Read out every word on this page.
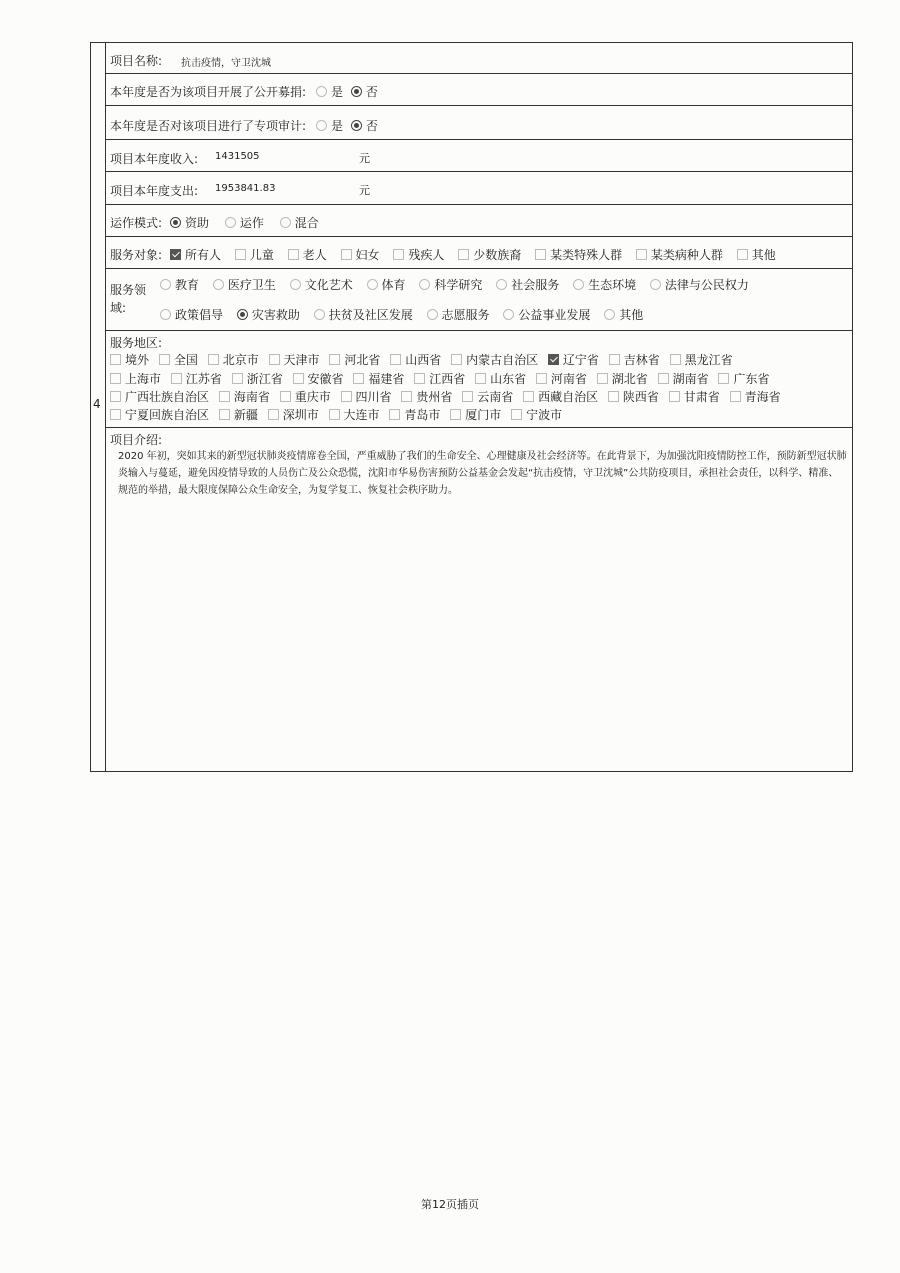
4
项目名称: 抗击疫情，守卫沈城
本年度是否为该项目开展了公开募捐: 是
否
本年度是否对该项目进行了专项审计: 是
否
项目本年度收入: 1431505	元
项目本年度支出: 1953841.83	元
运作模式: 资助
	运作
	混合
服务对象: 所有人
儿童
老人
妇女
残疾人
少数族裔
某类特殊人群
某类病种人群
其他
服务领
域:
教育
医疗卫生
文化艺术
体育
科学研究
社会服务
生态环境
法律与公民权力
政策倡导
灾害救助
扶贫及社区发展
志愿服务
公益事业发展
其他
服务地区:
境外
全国
北京市
天津市
河北省
山西省
内蒙古自治区
辽宁省
吉林省
黑龙江省
上海市
江苏省
浙江省
安徽省
福建省
江西省
山东省
河南省
湖北省
湖南省
广东省
广西壮族自治区
海南省
重庆市
四川省
贵州省
云南省
西藏自治区
陕西省
甘肃省
青海省
宁夏回族自治区
新疆
深圳市
大连市
青岛市
厦门市
宁波市
项目介绍:
2020 年初，突如其来的新型冠状肺炎疫情席卷全国，严重威胁了我们的生命安全、心理健康及社会经济等。在此背景下，为加强沈阳疫情防控工作，预防新型冠状肺炎输入与蔓延，避免因疫情导致的人员伤亡及公众恐慌，沈阳市华易伤害预防公益基金会发起“抗击疫情，守卫沈城”公共防疫项目，承担社会责任，以科学、精准、规范的举措，最大限度保障公众生命安全，为复学复工、恢复社会秩序助力。
第12页插页
